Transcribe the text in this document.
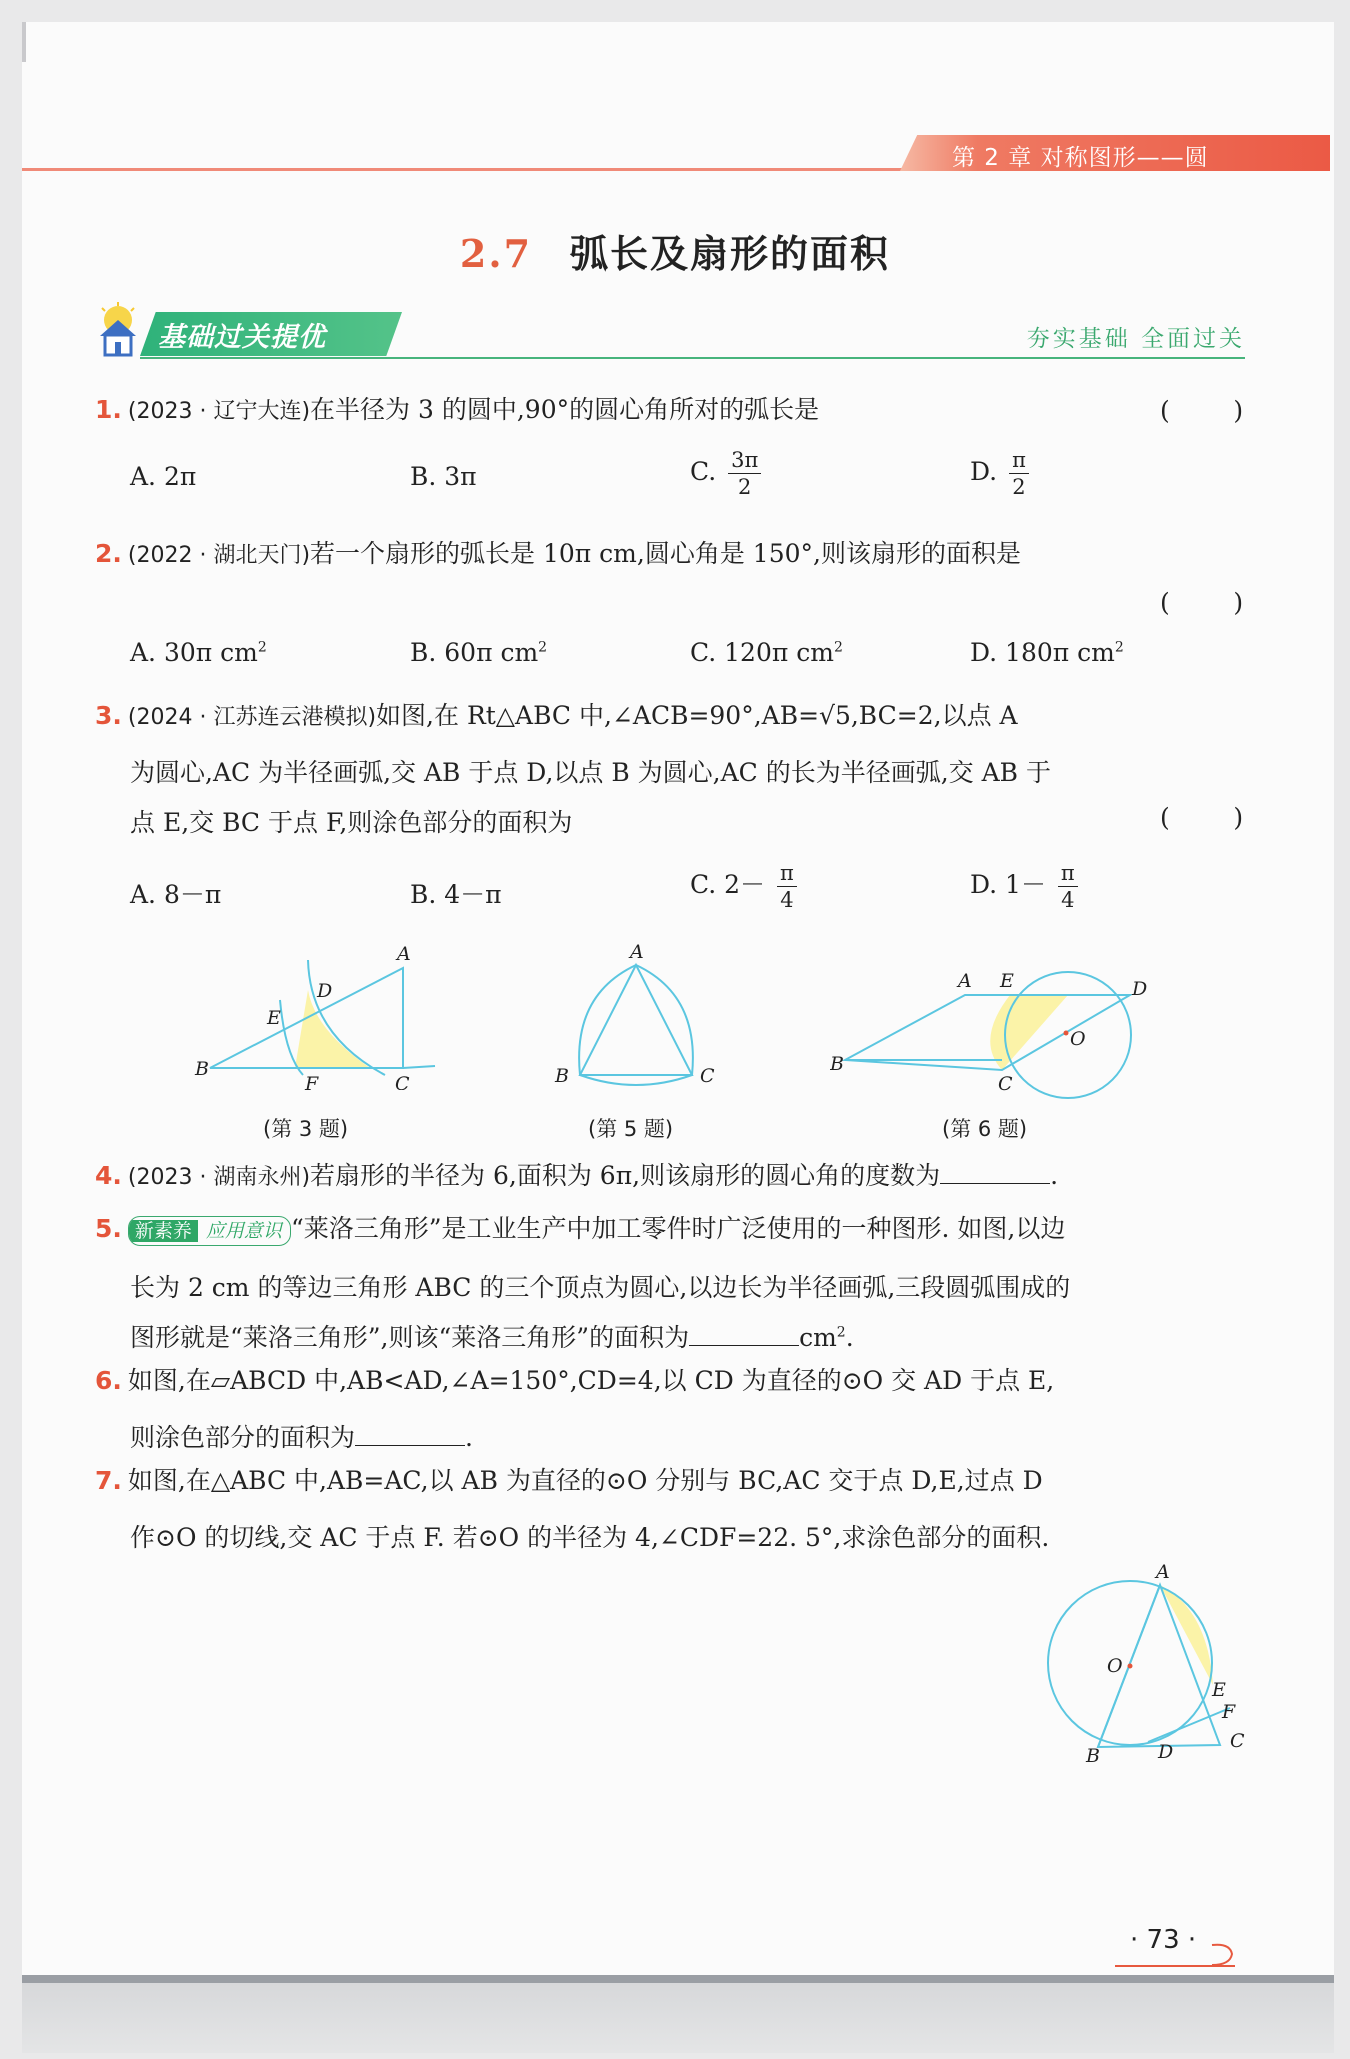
第 2 章 对称图形——圆
2.7 弧长及扇形的面积
基础过关提优	夯实基础 全面过关
1. (2023 · 辽宁大连)在半径为 3 的圆中,90°的圆心角所对的弧长是	(        )
A. 2π	B. 3π	C. $\frac{3\pi}{2}$	D. $\frac{\pi}{2}$
2. (2022 · 湖北天门)若一个扇形的弧长是 10π cm,圆心角是 150°,则该扇形的面积是
(        )
A. 30π $cm^2$	B. 60π $cm^2$	C. 120π $cm^2$	D. 180π $cm^2$
3. (2024 · 江苏连云港模拟)如图,在 Rt△ABC 中,∠ACB=90°,AB=√5,BC=2,以点 A
为圆心,AC 为半径画弧,交 AB 于点 D,以点 B 为圆心,AC 的长为半径画弧,交 AB 于
点 E,交 BC 于点 F,则涂色部分的面积为	(        )
A. 8－π	B. 4－π	C. $2- \frac{\pi}{4}$	D. $1- \frac{\pi}{4}$
A
B
C
D
E
F
(第 3 题)
A
B	C
(第 5 题)
A E	D
B
C
O
(第 6 题)
4. (2023 · 湖南永州)若扇形的半径为 6,面积为 6π,则该扇形的圆心角的度数为	.
5. 新素养 应用意识 “莱洛三角形”是工业生产中加工零件时广泛使用的一种图形. 如图,以边
长为 2 cm 的等边三角形 ABC 的三个顶点为圆心,以边长为半径画弧,三段圆弧围成的
图形就是“莱洛三角形”,则该“莱洛三角形”的面积为	$cm^2$.
6. 如图,在▱ABCD 中,AB<AD,∠A=150°,CD=4,以 CD 为直径的⊙O 交 AD 于点 E,
则涂色部分的面积为	.
7. 如图,在△ABC 中,AB=AC,以 AB 为直径的⊙O 分别与 BC,AC 交于点 D,E,过点 D
作⊙O 的切线,交 AC 于点 F. 若⊙O 的半径为 4,∠CDF=22. 5°,求涂色部分的面积.
A
O
E
F
C
B	D
· 73 ·
